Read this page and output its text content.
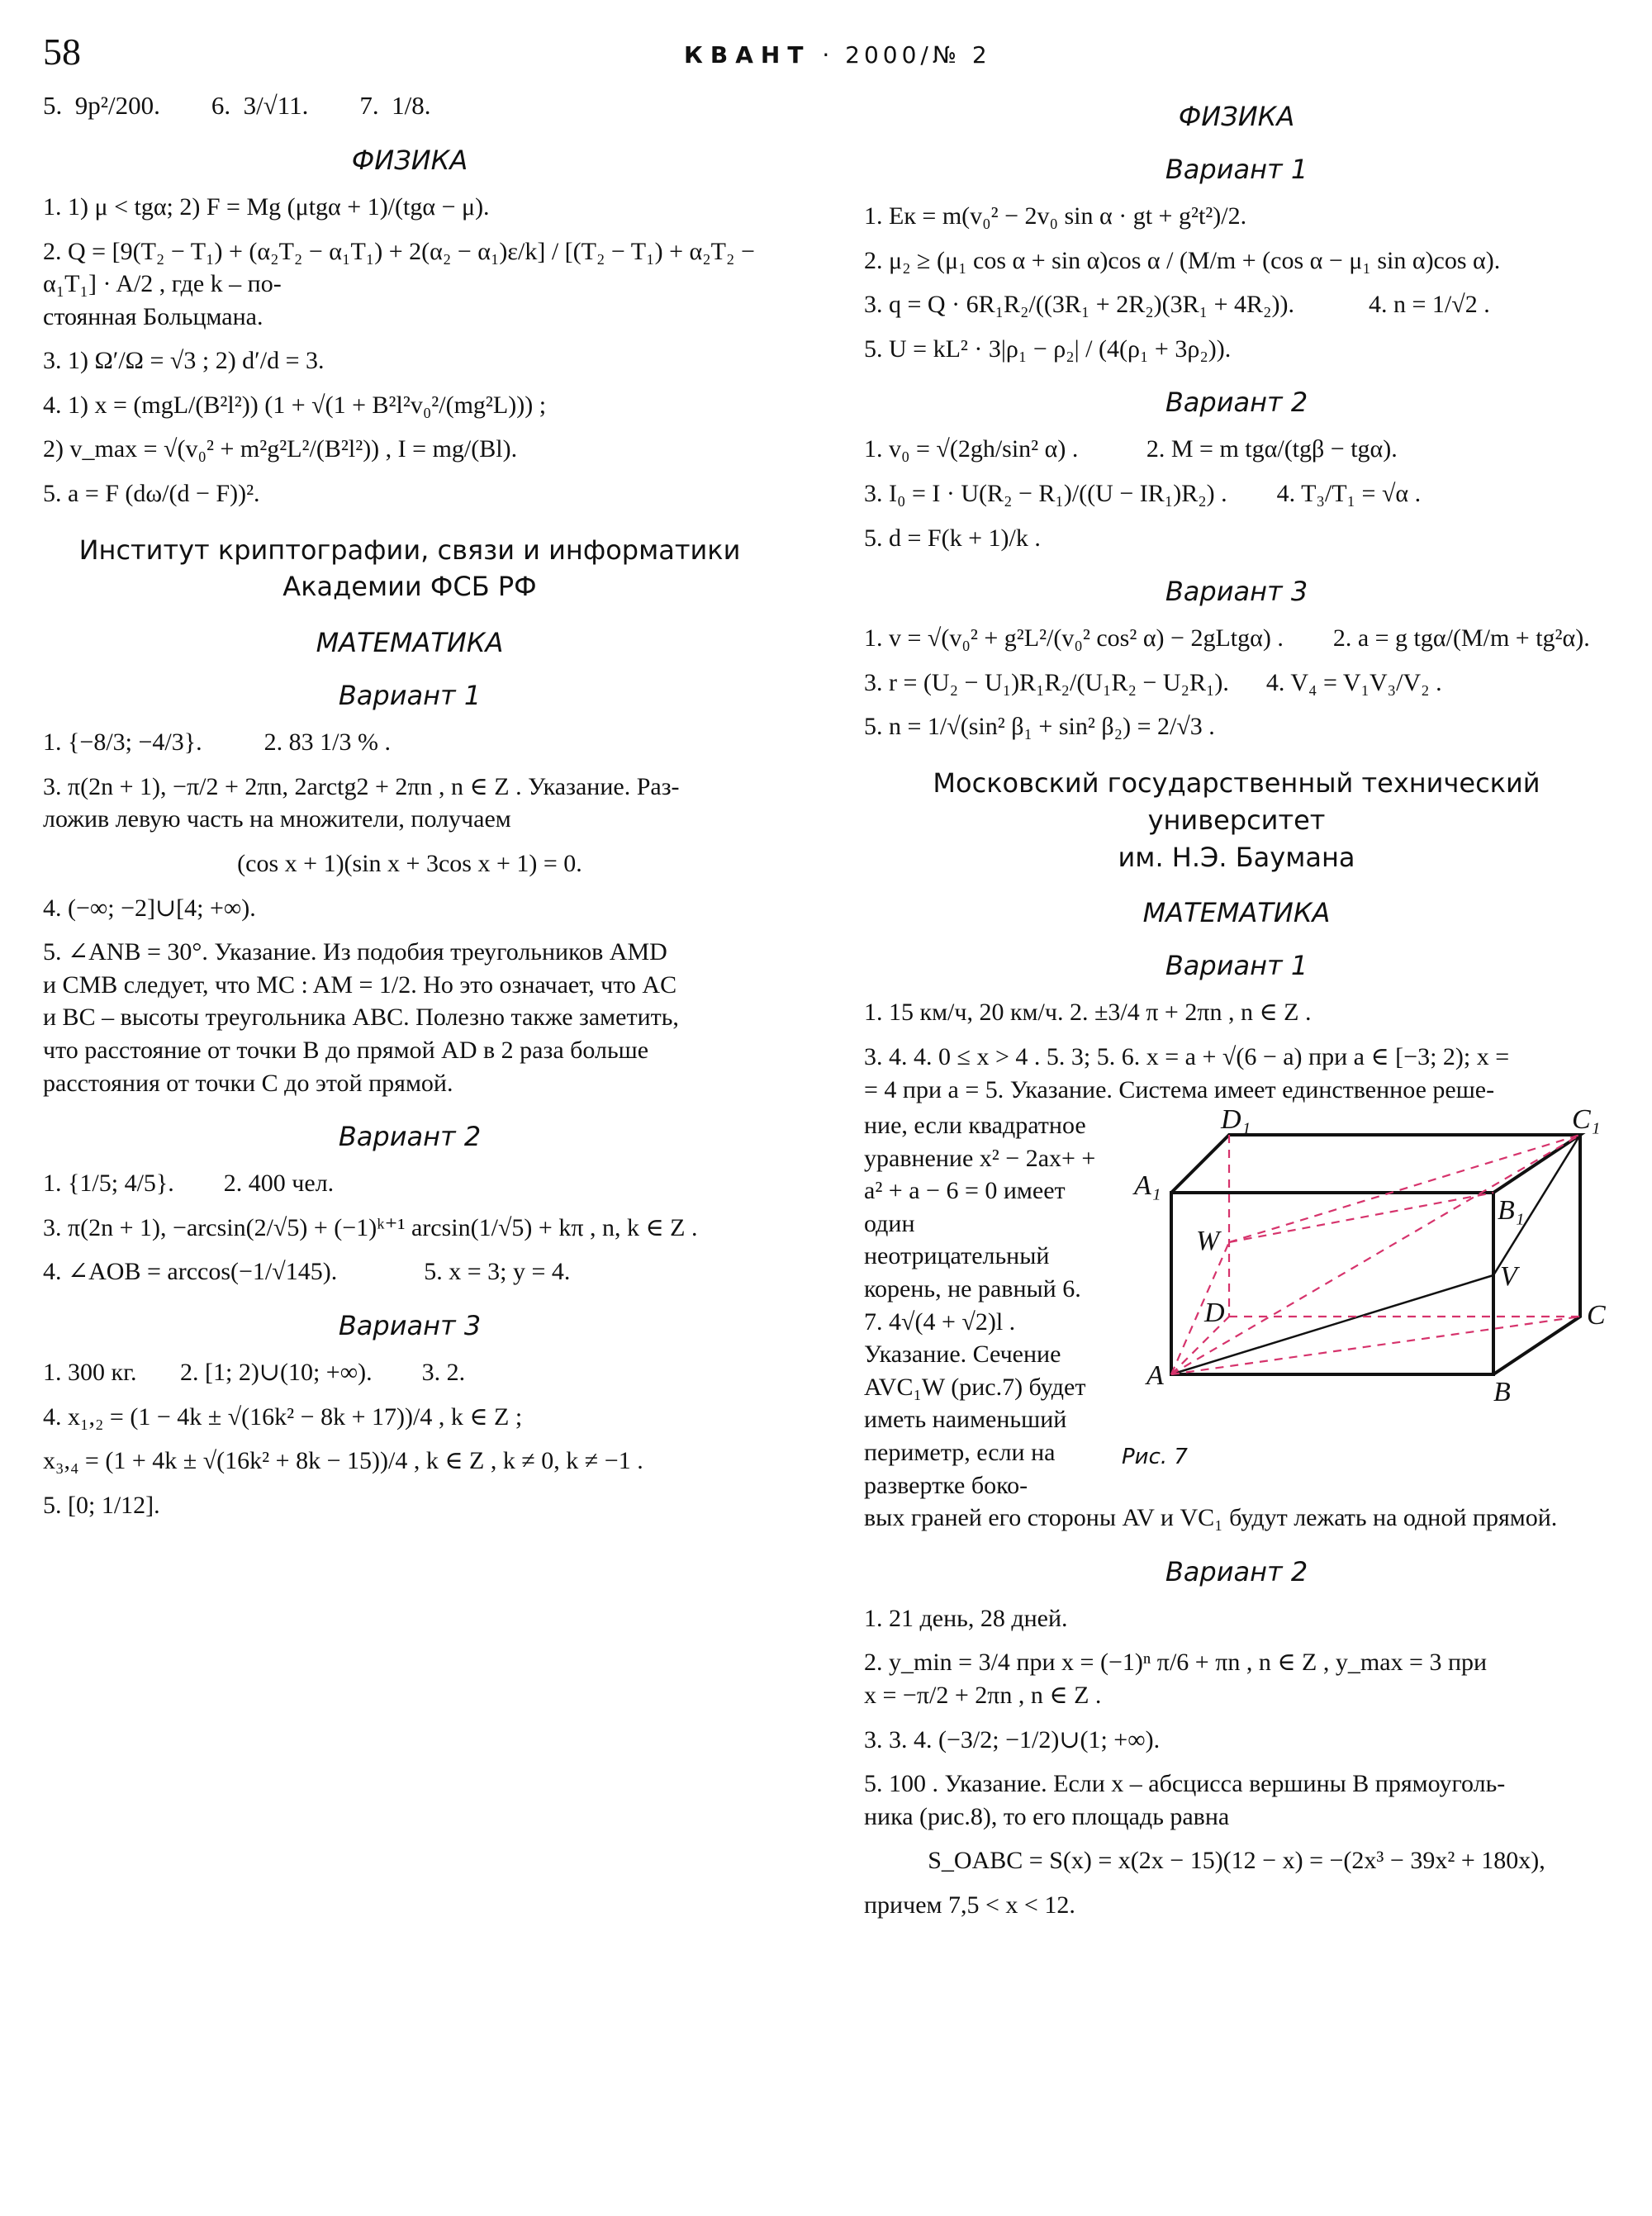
58	КВАНТ · 2000/№ 2

5.  9p²/200.        6.  3/√11.        7.  1/8.

ФИЗИКА

1. 1) μ < tgα; 2) F = Mg (μtgα + 1)/(tgα − μ).

2. Q = [9(T₂ − T₁) + (α₂T₂ − α₁T₁) + 2(α₂ − α₁)ε/k] / [(T₂ − T₁) + α₂T₂ − α₁T₁] · A/2 , где k – по-

стоянная Больцмана.

3. 1) Ω′/Ω = √3 ; 2) d′/d = 3.

4. 1) x = (mgL/(B²l²)) (1 + √(1 + B²l²v₀²/(mg²L))) ;

2) v_max = √(v₀² + m²g²L²/(B²l²)) , I = mg/(Bl).

5. a = F (dω/(d − F))².

Институт криптографии, связи и информатики
Академии ФСБ РФ
МАТЕМАТИКА
Вариант 1

1. {−8/3; −4/3}.          2. 83 1/3 % .

3. π(2n + 1), −π/2 + 2πn, 2arctg2 + 2πn , n ∈ Z . Указание. Раз-

ложив левую часть на множители, получаем

(cos x + 1)(sin x + 3cos x + 1) = 0.

4. (−∞; −2]∪[4; +∞).

5. ∠ANB = 30°. Указание. Из подобия треугольников AMD

и CMB следует, что MC : AM = 1/2. Но это означает, что AC

и BC – высоты треугольника ABC. Полезно также заметить,

что расстояние от точки B до прямой AD в 2 раза больше

расстояния от точки C до этой прямой.

Вариант 2

1. {1/5; 4/5}.        2. 400 чел.

3. π(2n + 1), −arcsin(2/√5) + (−1)ᵏ⁺¹ arcsin(1/√5) + kπ , n, k ∈ Z .

4. ∠AOB = arccos(−1/√145).              5. x = 3; y = 4.

Вариант 3

1. 300 кг.       2. [1; 2)∪(10; +∞).        3. 2.

4. x₁,₂ = (1 − 4k ± √(16k² − 8k + 17))/4 , k ∈ Z ;

x₃,₄ = (1 + 4k ± √(16k² + 8k − 15))/4 , k ∈ Z , k ≠ 0, k ≠ −1 .

5. [0; 1/12].

ФИЗИКА
Вариант 1

1. Eк = m(v₀² − 2v₀ sin α · gt + g²t²)/2.

2. μ₂ ≥ (μ₁ cos α + sin α)cos α / (M/m + (cos α − μ₁ sin α)cos α).

3. q = Q · 6R₁R₂/((3R₁ + 2R₂)(3R₁ + 4R₂)).            4. n = 1/√2 .

5. U = kL² · 3|ρ₁ − ρ₂| / (4(ρ₁ + 3ρ₂)).

Вариант 2

1. v₀ = √(2gh/sin² α) .           2. M = m tgα/(tgβ − tgα).

3. I₀ = I · U(R₂ − R₁)/((U − IR₁)R₂) .        4. T₃/T₁ = √α .

5. d = F(k + 1)/k .

Вариант 3

1. v = √(v₀² + g²L²/(v₀² cos² α) − 2gLtgα) .        2. a = g tgα/(M/m + tg²α).

3. r = (U₂ − U₁)R₁R₂/(U₁R₂ − U₂R₁).      4. V₄ = V₁V₃/V₂ .

5. n = 1/√(sin² β₁ + sin² β₂) = 2/√3 .

Московский государственный технический университет
им. Н.Э. Баумана
МАТЕМАТИКА
Вариант 1

1. 15 км/ч, 20 км/ч. 2. ±3/4 π + 2πn , n ∈ Z .

3. 4. 4. 0 ≤ x > 4 . 5. 3; 5. 6. x = a + √(6 − a) при a ∈ [−3; 2); x =

= 4 при a = 5. Указание. Система имеет единственное реше-

D₁	C₁
A₁
B₁
W
V
D	C
A
B
Рис. 7

ние, если квадратное уравнение x² − 2ax+ + a² + a − 6 = 0 имеет один неотрицательный корень, не равный 6.

7. 4√(4 + √2)l . Указание. Сечение AVC₁W (рис.7) будет иметь наименьший периметр, если на развертке боко-

вых граней его стороны AV и VC₁ будут лежать на одной прямой.

Вариант 2

1. 21 день, 28 дней.

2. y_min = 3/4 при x = (−1)ⁿ π/6 + πn , n ∈ Z , y_max = 3 при

x = −π/2 + 2πn , n ∈ Z .

3. 3. 4. (−3/2; −1/2)∪(1; +∞).

5. 100 . Указание. Если x – абсцисса вершины B прямоуголь-

ника (рис.8), то его площадь равна

S_OABC = S(x) = x(2x − 15)(12 − x) = −(2x³ − 39x² + 180x),

причем 7,5 < x < 12.
